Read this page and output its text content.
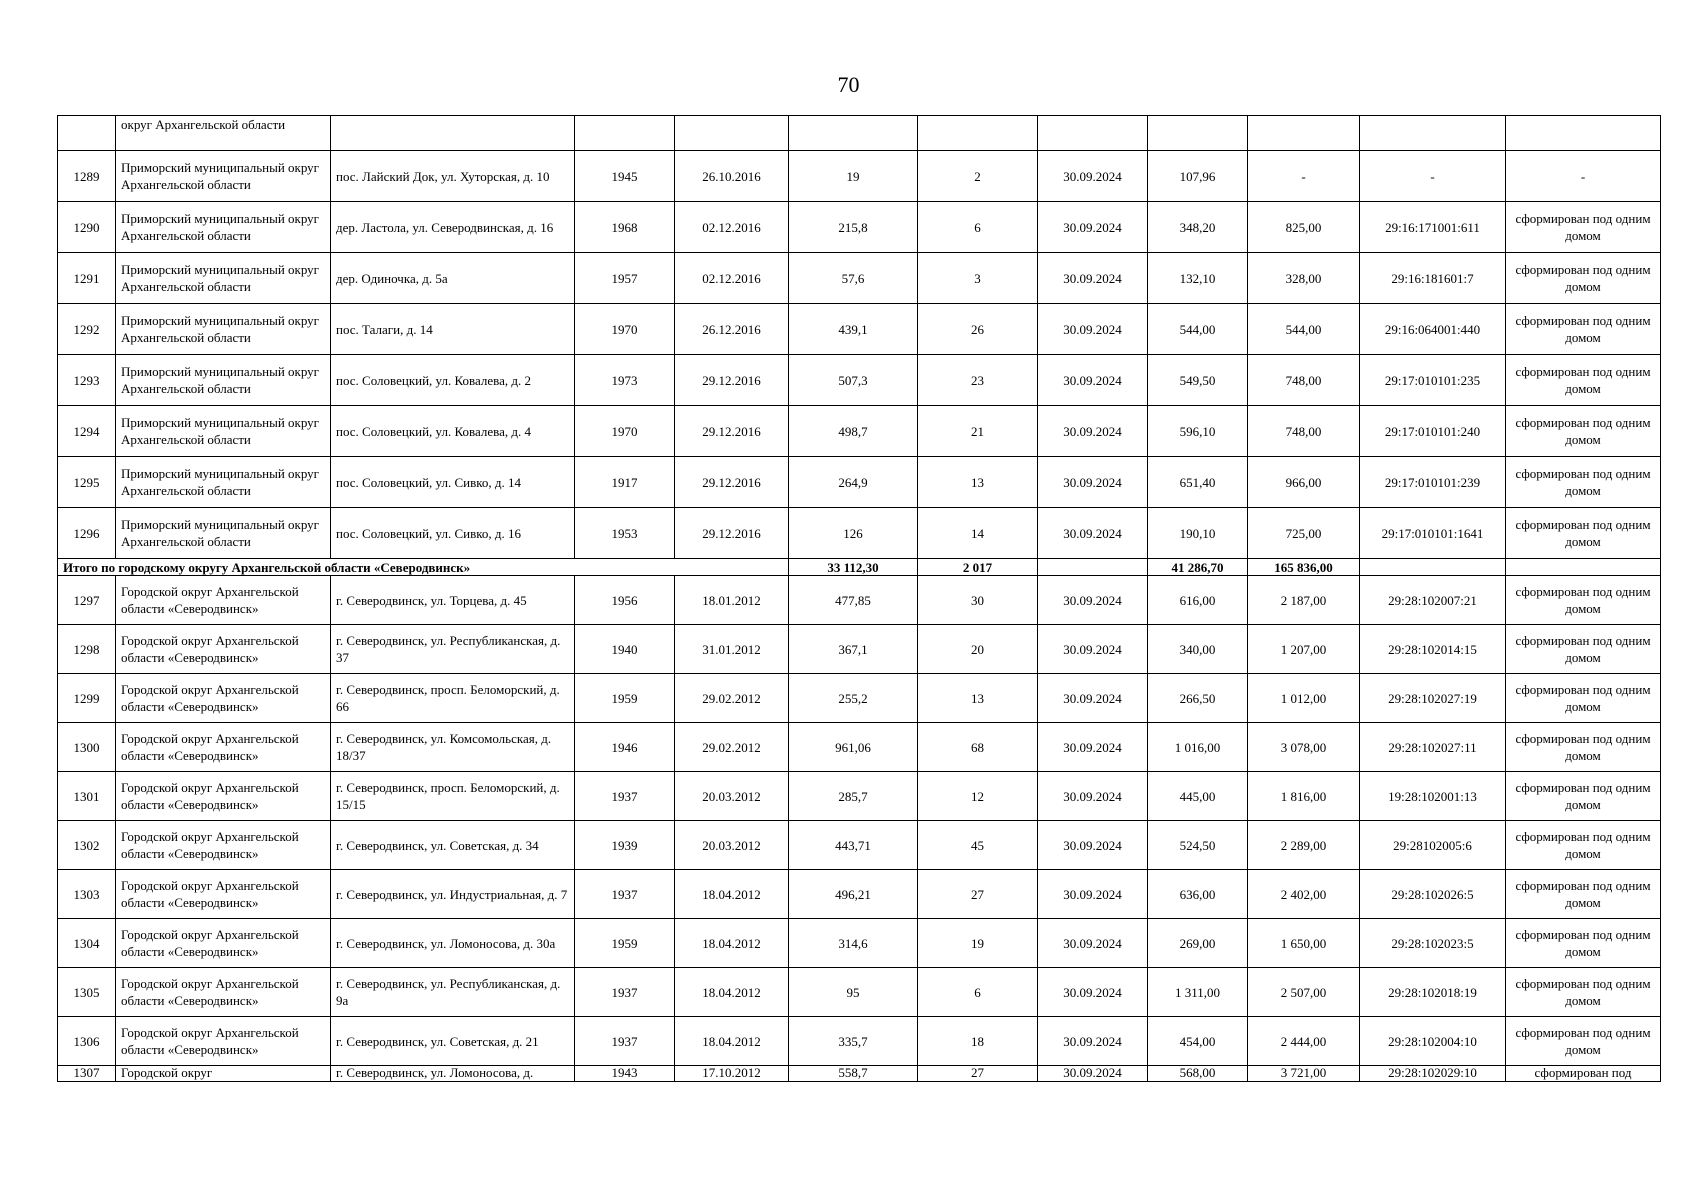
70
	округ Архангельской области										
1289	Приморский муниципальный округ Архангельской области	пос. Лайский Док, ул. Хуторская, д. 10	1945	26.10.2016	19	2	30.09.2024	107,96	-	-	-
1290	Приморский муниципальный округ Архангельской области	дер. Ластола, ул. Северодвинская, д. 16	1968	02.12.2016	215,8	6	30.09.2024	348,20	825,00	29:16:171001:611	сформирован под одним домом
1291	Приморский муниципальный округ Архангельской области	дер. Одиночка, д. 5а	1957	02.12.2016	57,6	3	30.09.2024	132,10	328,00	29:16:181601:7	сформирован под одним домом
1292	Приморский муниципальный округ Архангельской области	пос. Талаги, д. 14	1970	26.12.2016	439,1	26	30.09.2024	544,00	544,00	29:16:064001:440	сформирован под одним домом
1293	Приморский муниципальный округ Архангельской области	пос. Соловецкий, ул. Ковалева, д. 2	1973	29.12.2016	507,3	23	30.09.2024	549,50	748,00	29:17:010101:235	сформирован под одним домом
1294	Приморский муниципальный округ Архангельской области	пос. Соловецкий, ул. Ковалева, д. 4	1970	29.12.2016	498,7	21	30.09.2024	596,10	748,00	29:17:010101:240	сформирован под одним домом
1295	Приморский муниципальный округ Архангельской области	пос. Соловецкий, ул. Сивко, д. 14	1917	29.12.2016	264,9	13	30.09.2024	651,40	966,00	29:17:010101:239	сформирован под одним домом
1296	Приморский муниципальный округ Архангельской области	пос. Соловецкий, ул. Сивко, д. 16	1953	29.12.2016	126	14	30.09.2024	190,10	725,00	29:17:010101:1641	сформирован под одним домом
Итого по городскому округу Архангельской области «Северодвинск»					33 112,30	2 017		41 286,70	165 836,00		
1297	Городской округ Архангельской области «Северодвинск»	г. Северодвинск, ул. Торцева, д. 45	1956	18.01.2012	477,85	30	30.09.2024	616,00	2 187,00	29:28:102007:21	сформирован под одним домом
1298	Городской округ Архангельской области «Северодвинск»	г. Северодвинск, ул. Республиканская, д. 37	1940	31.01.2012	367,1	20	30.09.2024	340,00	1 207,00	29:28:102014:15	сформирован под одним домом
1299	Городской округ Архангельской области «Северодвинск»	г. Северодвинск, просп. Беломорский, д. 66	1959	29.02.2012	255,2	13	30.09.2024	266,50	1 012,00	29:28:102027:19	сформирован под одним домом
1300	Городской округ Архангельской области «Северодвинск»	г. Северодвинск, ул. Комсомольская, д. 18/37	1946	29.02.2012	961,06	68	30.09.2024	1 016,00	3 078,00	29:28:102027:11	сформирован под одним домом
1301	Городской округ Архангельской области «Северодвинск»	г. Северодвинск, просп. Беломорский, д. 15/15	1937	20.03.2012	285,7	12	30.09.2024	445,00	1 816,00	19:28:102001:13	сформирован под одним домом
1302	Городской округ Архангельской области «Северодвинск»	г. Северодвинск, ул. Советская, д. 34	1939	20.03.2012	443,71	45	30.09.2024	524,50	2 289,00	29:28102005:6	сформирован под одним домом
1303	Городской округ Архангельской области «Северодвинск»	г. Северодвинск, ул. Индустриальная, д. 7	1937	18.04.2012	496,21	27	30.09.2024	636,00	2 402,00	29:28:102026:5	сформирован под одним домом
1304	Городской округ Архангельской области «Северодвинск»	г. Северодвинск, ул. Ломоносова, д. 30а	1959	18.04.2012	314,6	19	30.09.2024	269,00	1 650,00	29:28:102023:5	сформирован под одним домом
1305	Городской округ Архангельской области «Северодвинск»	г. Северодвинск, ул. Республиканская, д. 9а	1937	18.04.2012	95	6	30.09.2024	1 311,00	2 507,00	29:28:102018:19	сформирован под одним домом
1306	Городской округ Архангельской области «Северодвинск»	г. Северодвинск, ул. Советская, д. 21	1937	18.04.2012	335,7	18	30.09.2024	454,00	2 444,00	29:28:102004:10	сформирован под одним домом
1307	Городской округ	г. Северодвинск, ул. Ломоносова, д.	1943	17.10.2012	558,7	27	30.09.2024	568,00	3 721,00	29:28:102029:10	сформирован под
